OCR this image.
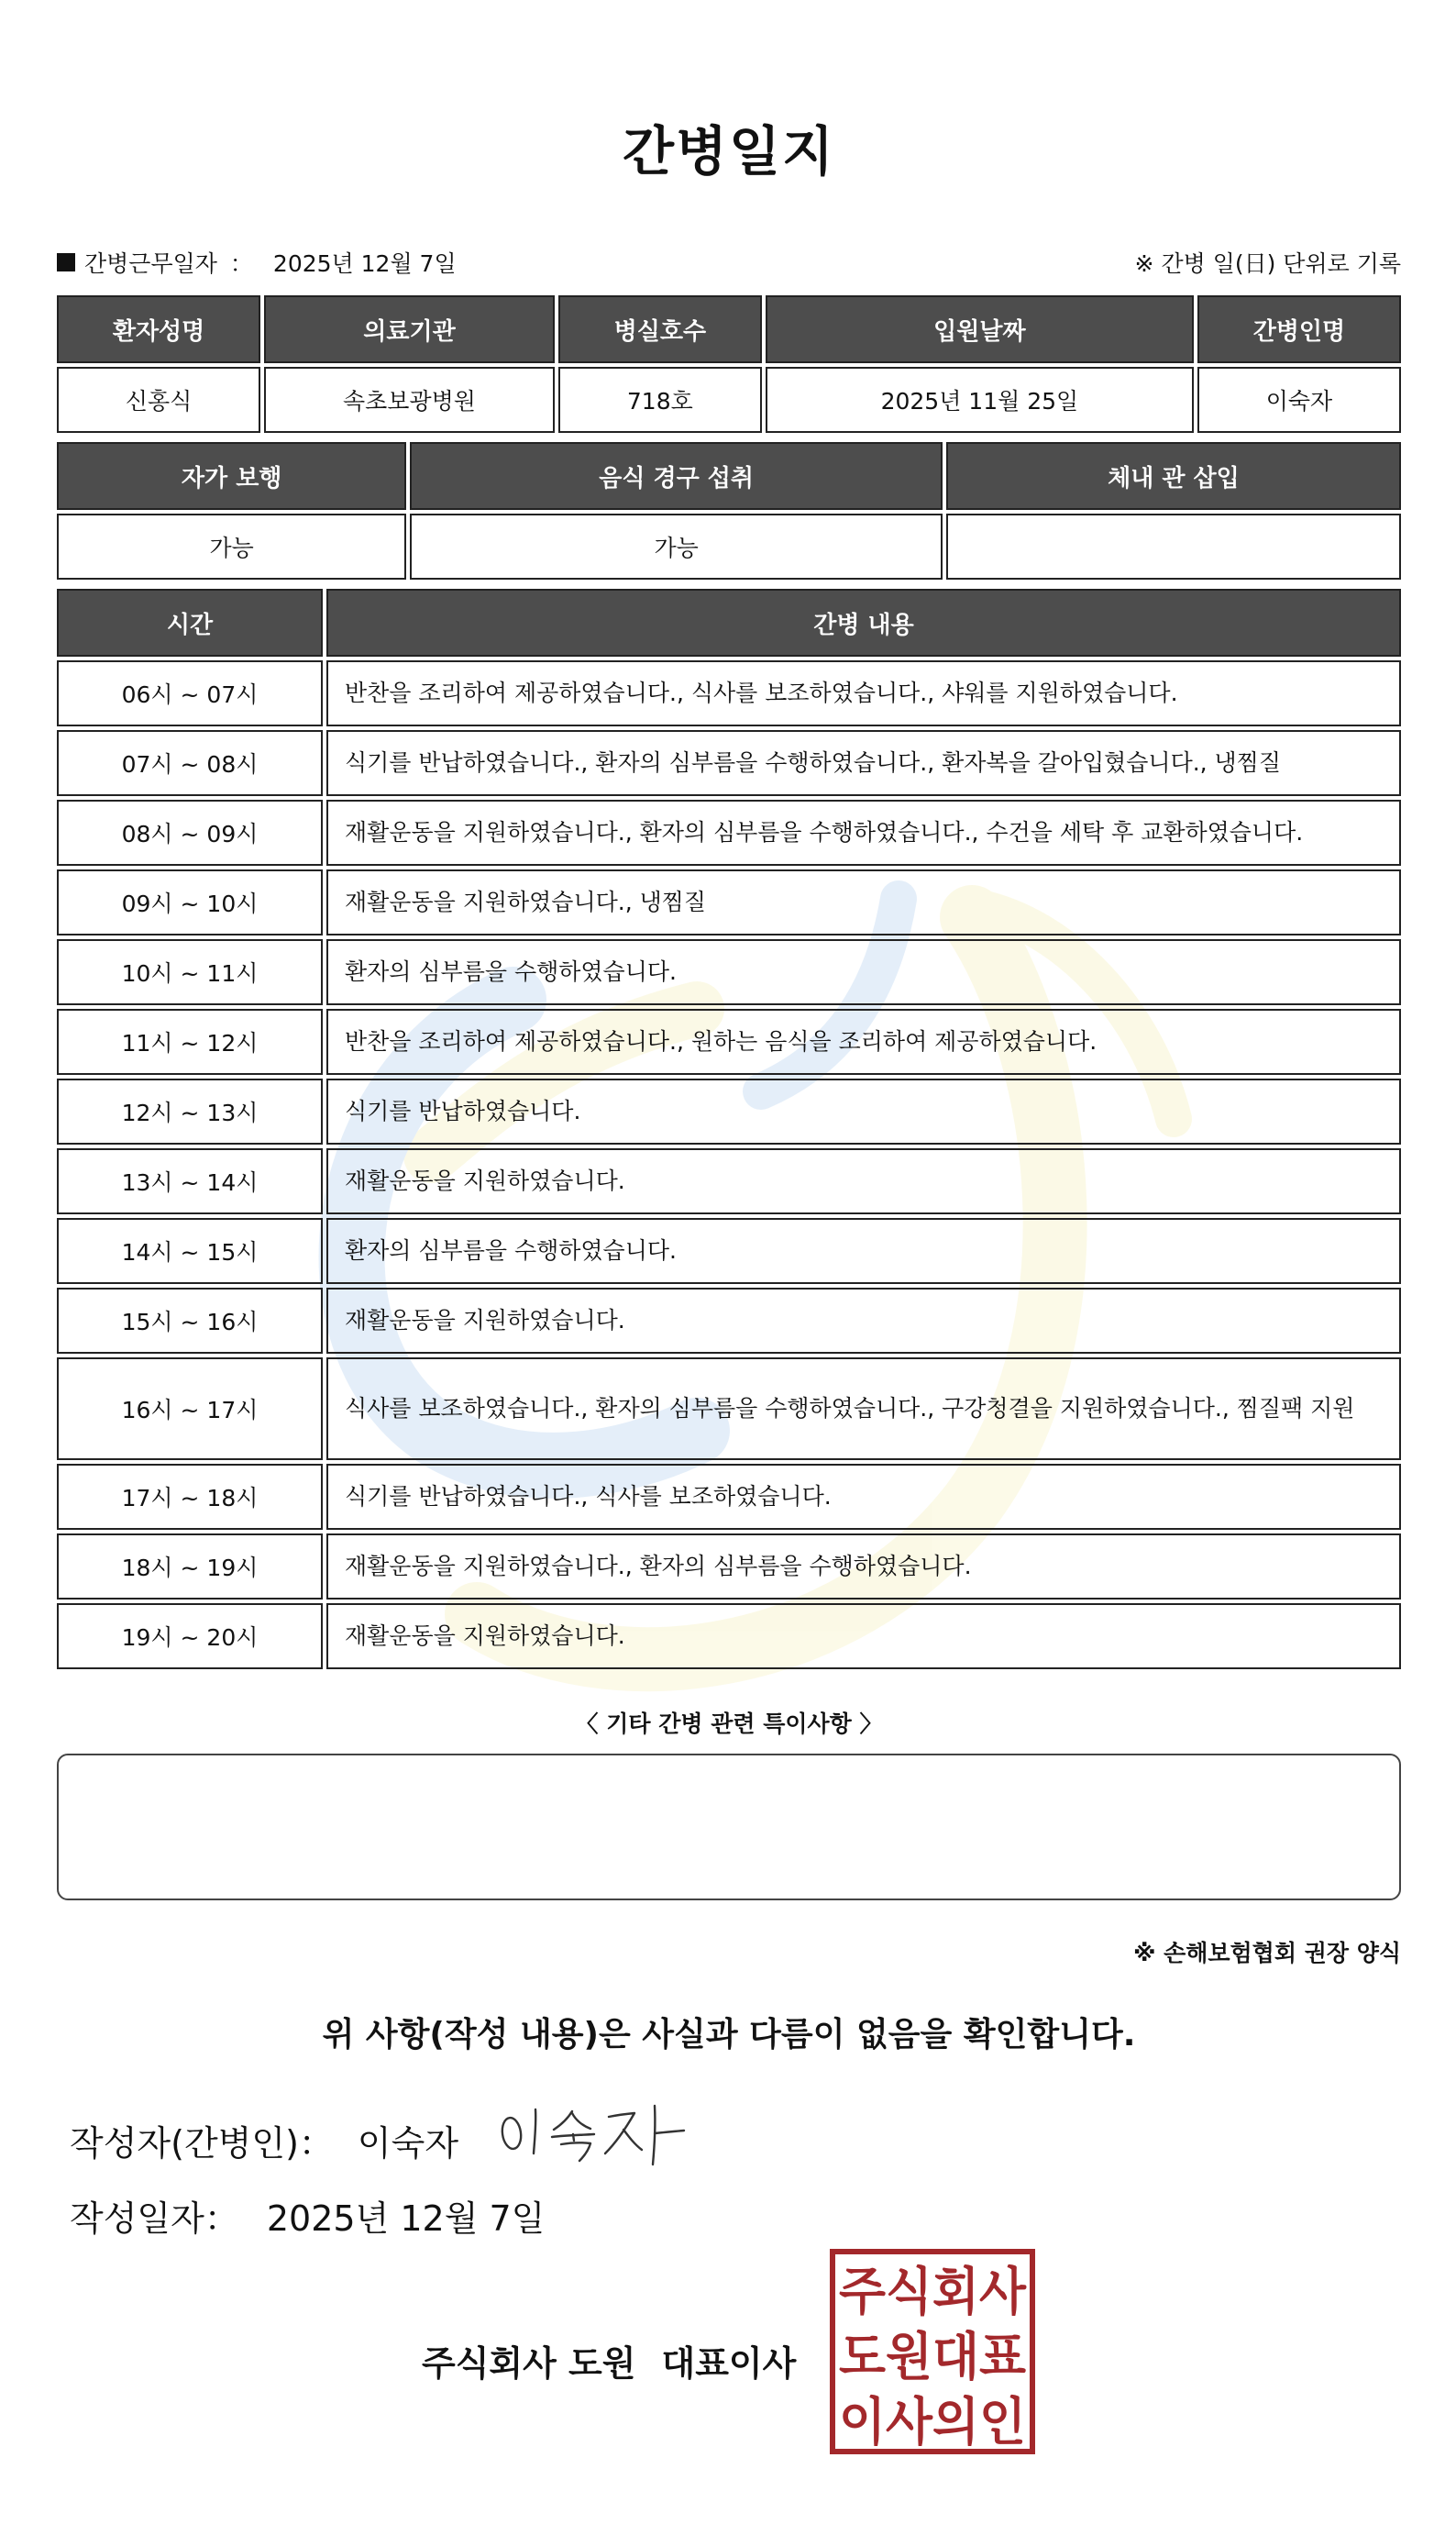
간병일지
간병근무일자 ： 2025년 12월 7일	※ 간병 일(日) 단위로 기록
환자성명	의료기관	병실호수	입원날짜	간병인명
신홍식	속초보광병원	718호	2025년 11월 25일	이숙자
자가 보행	음식 경구 섭취	체내 관 삽입
가능	가능	
시간	간병 내용
06시 ~ 07시	반찬을 조리하여 제공하였습니다., 식사를 보조하였습니다., 샤워를 지원하였습니다.
07시 ~ 08시	식기를 반납하였습니다., 환자의 심부름을 수행하였습니다., 환자복을 갈아입혔습니다., 냉찜질
08시 ~ 09시	재활운동을 지원하였습니다., 환자의 심부름을 수행하였습니다., 수건을 세탁 후 교환하였습니다.
09시 ~ 10시	재활운동을 지원하였습니다., 냉찜질
10시 ~ 11시	환자의 심부름을 수행하였습니다.
11시 ~ 12시	반찬을 조리하여 제공하였습니다., 원하는 음식을 조리하여 제공하였습니다.
12시 ~ 13시	식기를 반납하였습니다.
13시 ~ 14시	재활운동을 지원하였습니다.
14시 ~ 15시	환자의 심부름을 수행하였습니다.
15시 ~ 16시	재활운동을 지원하였습니다.
16시 ~ 17시	식사를 보조하였습니다., 환자의 심부름을 수행하였습니다., 구강청결을 지원하였습니다., 찜질팩 지원
17시 ~ 18시	식기를 반납하였습니다., 식사를 보조하였습니다.
18시 ~ 19시	재활운동을 지원하였습니다., 환자의 심부름을 수행하였습니다.
19시 ~ 20시	재활운동을 지원하였습니다.
〈 기타 간병 관련 특이사항 〉
※ 손해보험협회 권장 양식
위 사항(작성 내용)은 사실과 다름이 없음을 확인합니다.
작성자(간병인)： 이숙자
작성일자： 2025년 12월 7일
주식회사 도원 대표이사
주식회사
도원대표
이사의인
